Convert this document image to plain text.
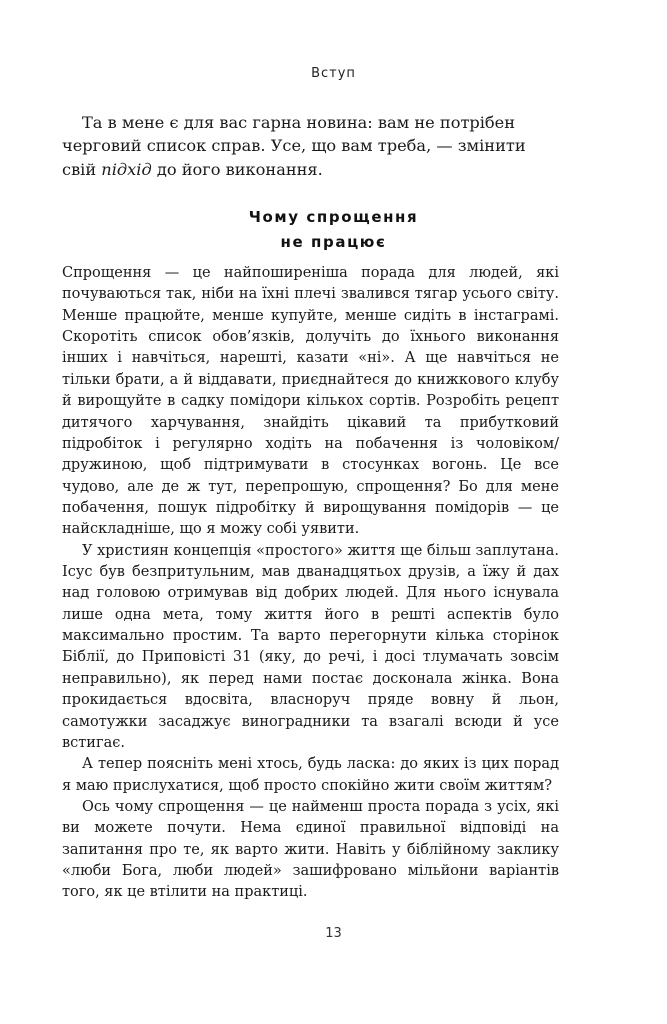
Вступ

Та в мене є для вас гарна новина: вам не потрібен черговий список справ. Усе, що вам треба, — змінити свій підхід до його виконання.

Чому спрощення
не працює

Спрощення — це найпоширеніша порада для людей, які почуваються так, ніби на їхні плечі звалився тягар усього світу. Менше працюйте, менше купуйте, менше сидіть в інстаграмі. Скоротіть список обов’язків, долучіть до їхнього виконання інших і навчіться, нарешті, казати «ні». А ще навчіться не тільки брати, а й віддавати, приєднайтеся до книжкового клубу й вирощуйте в садку помідори кількох сортів. Розробіть рецепт дитячого харчування, знайдіть цікавий та прибутковий підробіток і регулярно ходіть на побачення із чоловіком/дружиною, щоб підтримувати в стосунках вогонь. Це все чудово, але де ж тут, перепрошую, спрощення? Бо для мене побачення, пошук підробітку й вирощування помідорів — це найскладніше, що я можу собі уявити.

У християн концепція «простого» життя ще більш заплутана. Ісус був безпритульним, мав дванадцятьох друзів, а їжу й дах над головою отримував від добрих людей. Для нього існувала лише одна мета, тому життя його в решті аспектів було максимально простим. Та варто перегорнути кілька сторінок Біблії, до Приповісті 31 (яку, до речі, і досі тлумачать зовсім неправильно), як перед нами постає досконала жінка. Вона прокидається вдосвіта, власноруч пряде вовну й льон, самотужки засаджує виноградники та взагалі всюди й усе встигає.

А тепер поясніть мені хтось, будь ласка: до яких із цих порад я маю прислухатися, щоб просто спокійно жити своїм життям?

Ось чому спрощення — це найменш проста порада з усіх, які ви можете почути. Нема єдиної правильної відповіді на запитання про те, як варто жити. Навіть у біблійному заклику «люби Бога, люби людей» зашифровано мільйони варіантів того, як це втілити на практиці.

13
